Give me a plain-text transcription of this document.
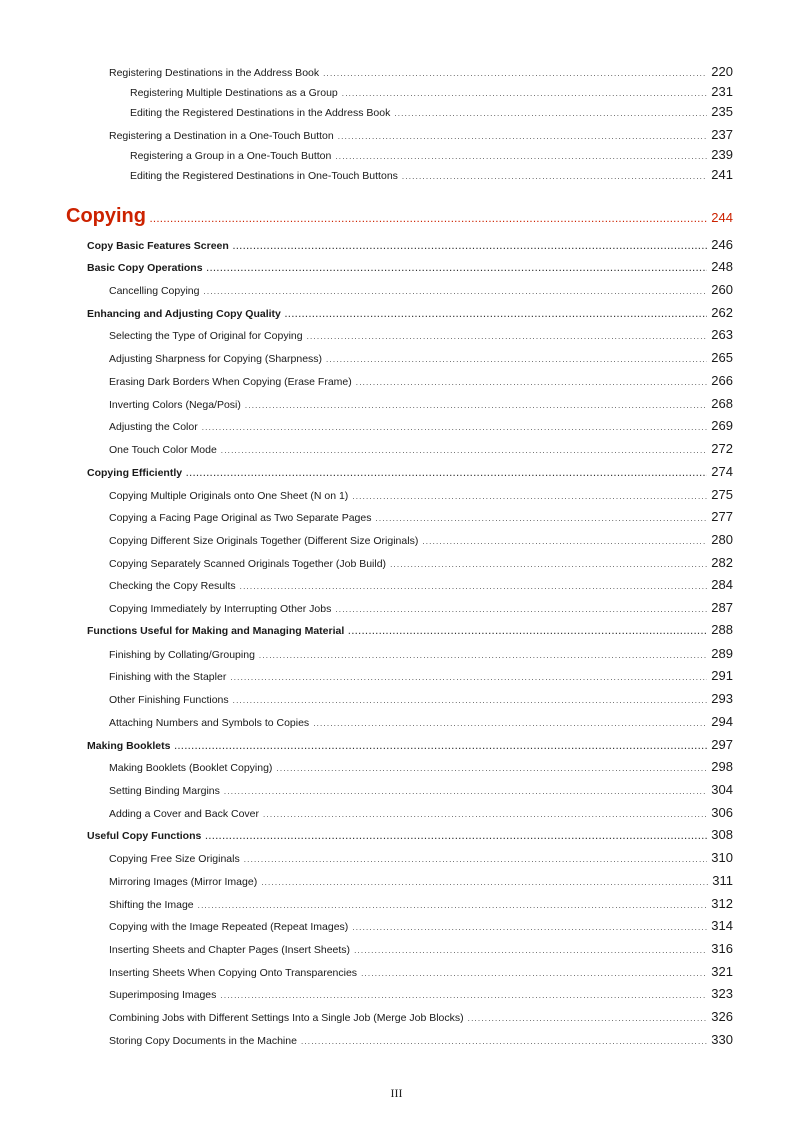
Registering Destinations in the Address Book .....	220
Registering Multiple Destinations as a Group .....	231
Editing the Registered Destinations in the Address Book .....	235
Registering a Destination in a One-Touch Button .....	237
Registering a Group in a One-Touch Button .....	239
Editing the Registered Destinations in One-Touch Buttons .....	241
Copying .....	244
Copy Basic Features Screen .....	246
Basic Copy Operations .....	248
Cancelling Copying .....	260
Enhancing and Adjusting Copy Quality .....	262
Selecting the Type of Original for Copying .....	263
Adjusting Sharpness for Copying (Sharpness) .....	265
Erasing Dark Borders When Copying (Erase Frame) .....	266
Inverting Colors (Nega/Posi) .....	268
Adjusting the Color .....	269
One Touch Color Mode .....	272
Copying Efficiently .....	274
Copying Multiple Originals onto One Sheet (N on 1) .....	275
Copying a Facing Page Original as Two Separate Pages .....	277
Copying Different Size Originals Together (Different Size Originals) .....	280
Copying Separately Scanned Originals Together (Job Build) .....	282
Checking the Copy Results .....	284
Copying Immediately by Interrupting Other Jobs .....	287
Functions Useful for Making and Managing Material .....	288
Finishing by Collating/Grouping .....	289
Finishing with the Stapler .....	291
Other Finishing Functions .....	293
Attaching Numbers and Symbols to Copies .....	294
Making Booklets .....	297
Making Booklets (Booklet Copying) .....	298
Setting Binding Margins .....	304
Adding a Cover and Back Cover .....	306
Useful Copy Functions .....	308
Copying Free Size Originals .....	310
Mirroring Images (Mirror Image) .....	311
Shifting the Image .....	312
Copying with the Image Repeated (Repeat Images) .....	314
Inserting Sheets and Chapter Pages (Insert Sheets) .....	316
Inserting Sheets When Copying Onto Transparencies .....	321
Superimposing Images .....	323
Combining Jobs with Different Settings Into a Single Job (Merge Job Blocks) .....	326
Storing Copy Documents in the Machine .....	330
III
